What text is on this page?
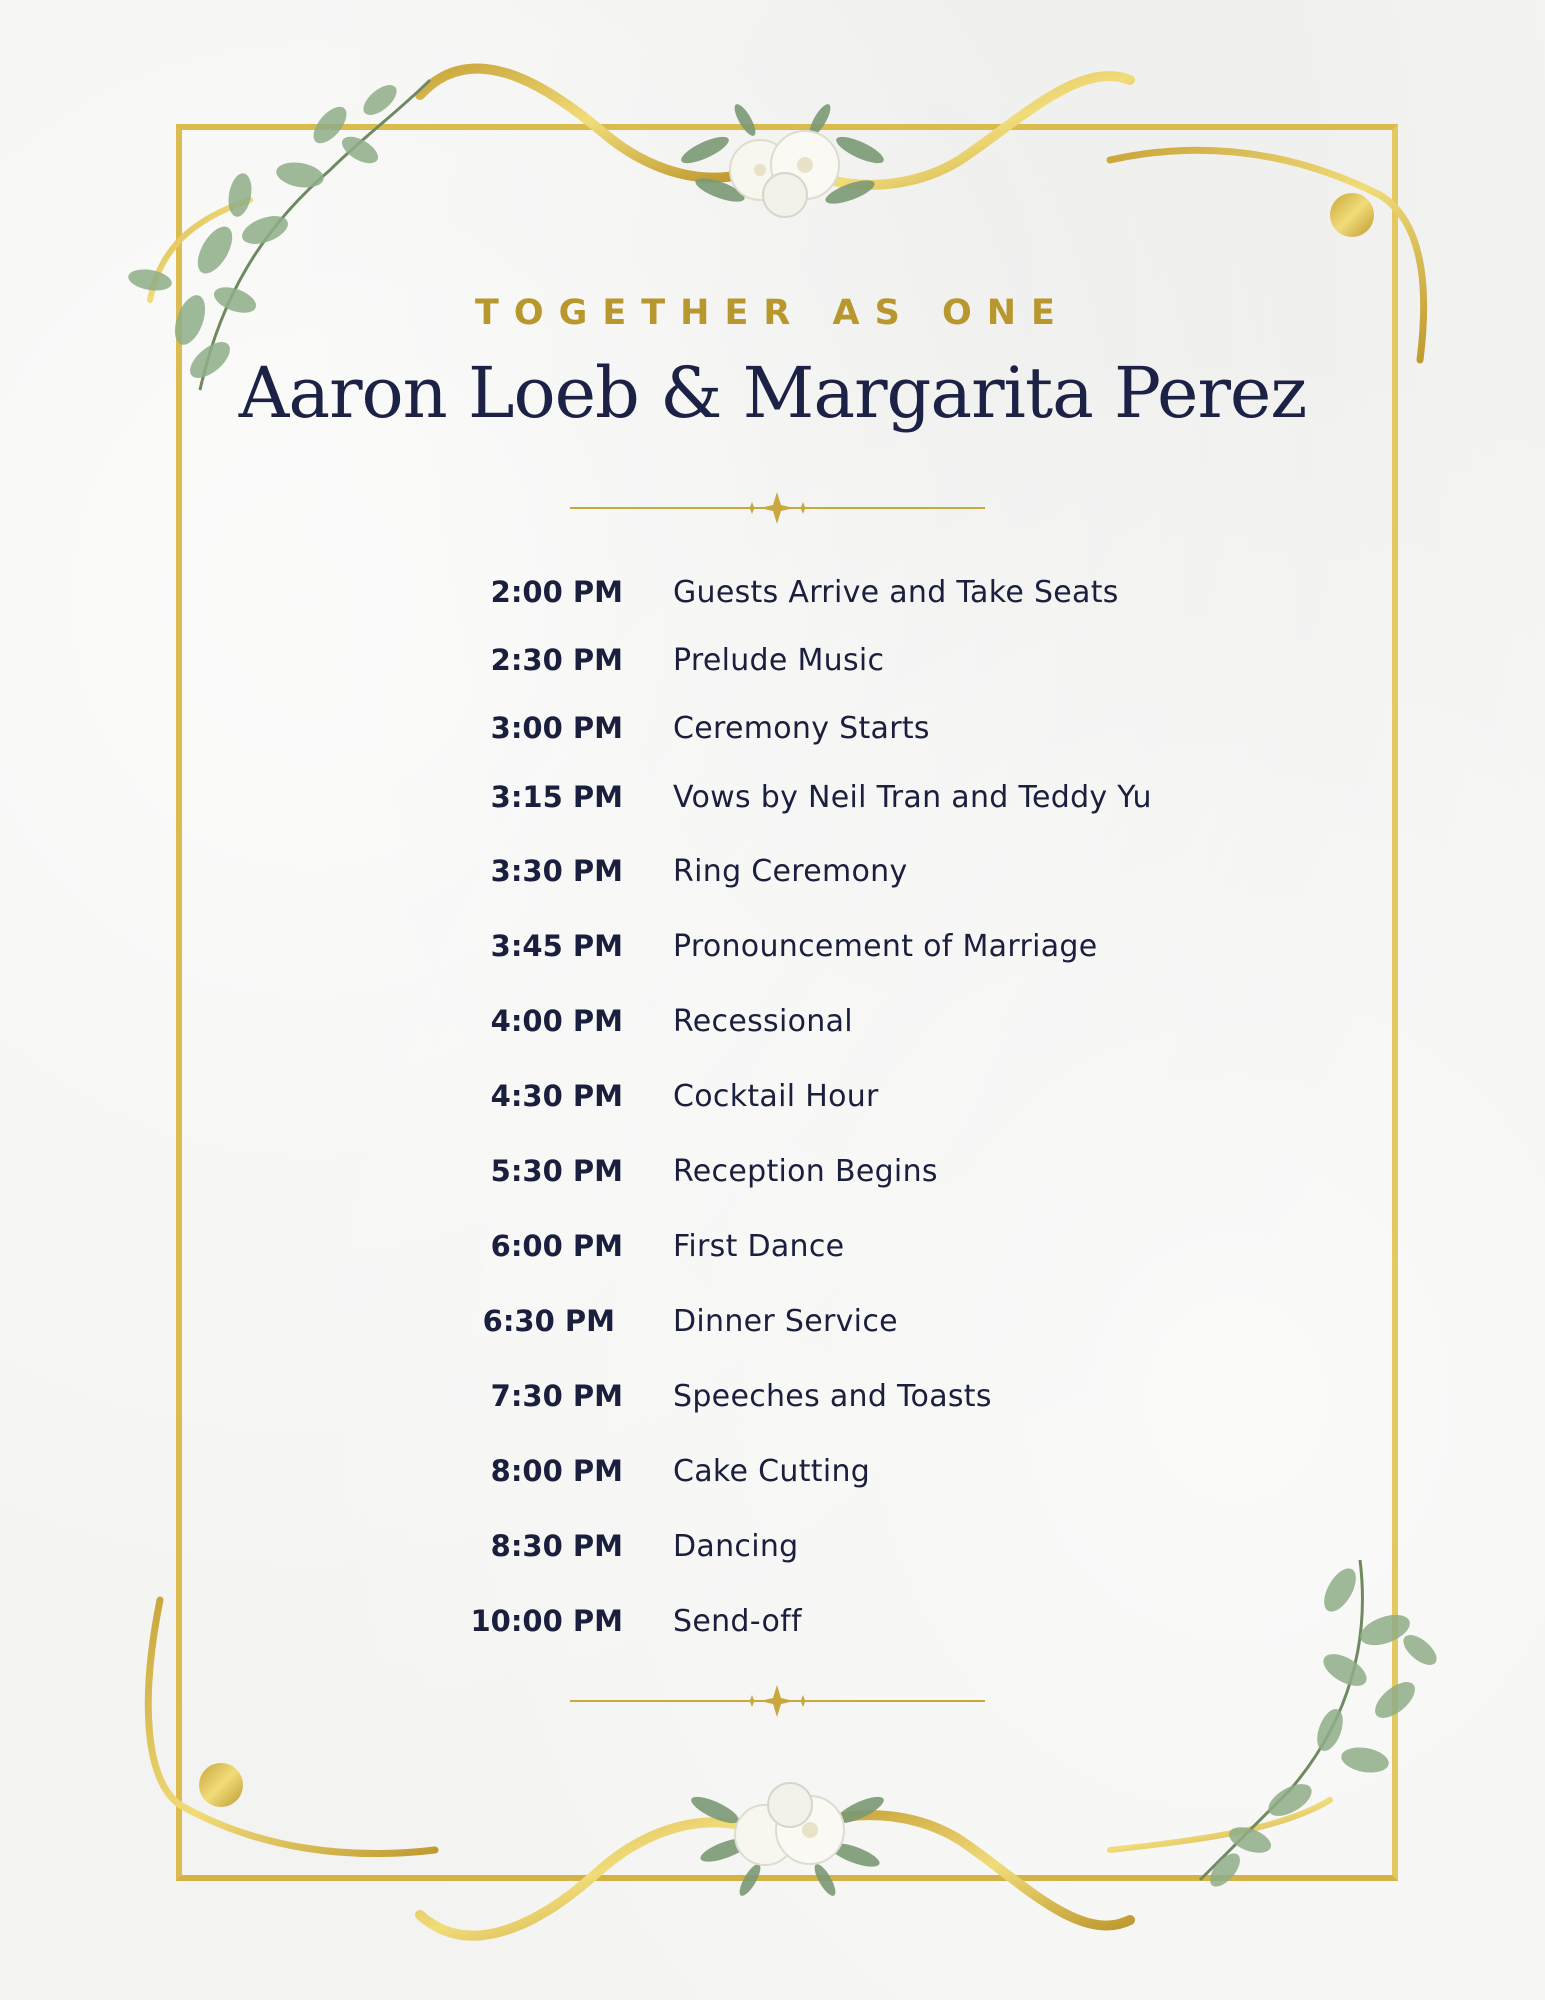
TOGETHER AS ONE
Aaron Loeb & Margarita Perez
2:00 PM Guests Arrive and Take Seats
2:30 PM Prelude Music
3:00 PM Ceremony Starts
3:15 PM Vows by Neil Tran and Teddy Yu
3:30 PM Ring Ceremony
3:45 PM Pronouncement of Marriage
4:00 PM Recessional
4:30 PM Cocktail Hour
5:30 PM Reception Begins
6:00 PM First Dance
6:30 PM Dinner Service
7:30 PM Speeches and Toasts
8:00 PM Cake Cutting
8:30 PM Dancing
10:00 PM Send-off
